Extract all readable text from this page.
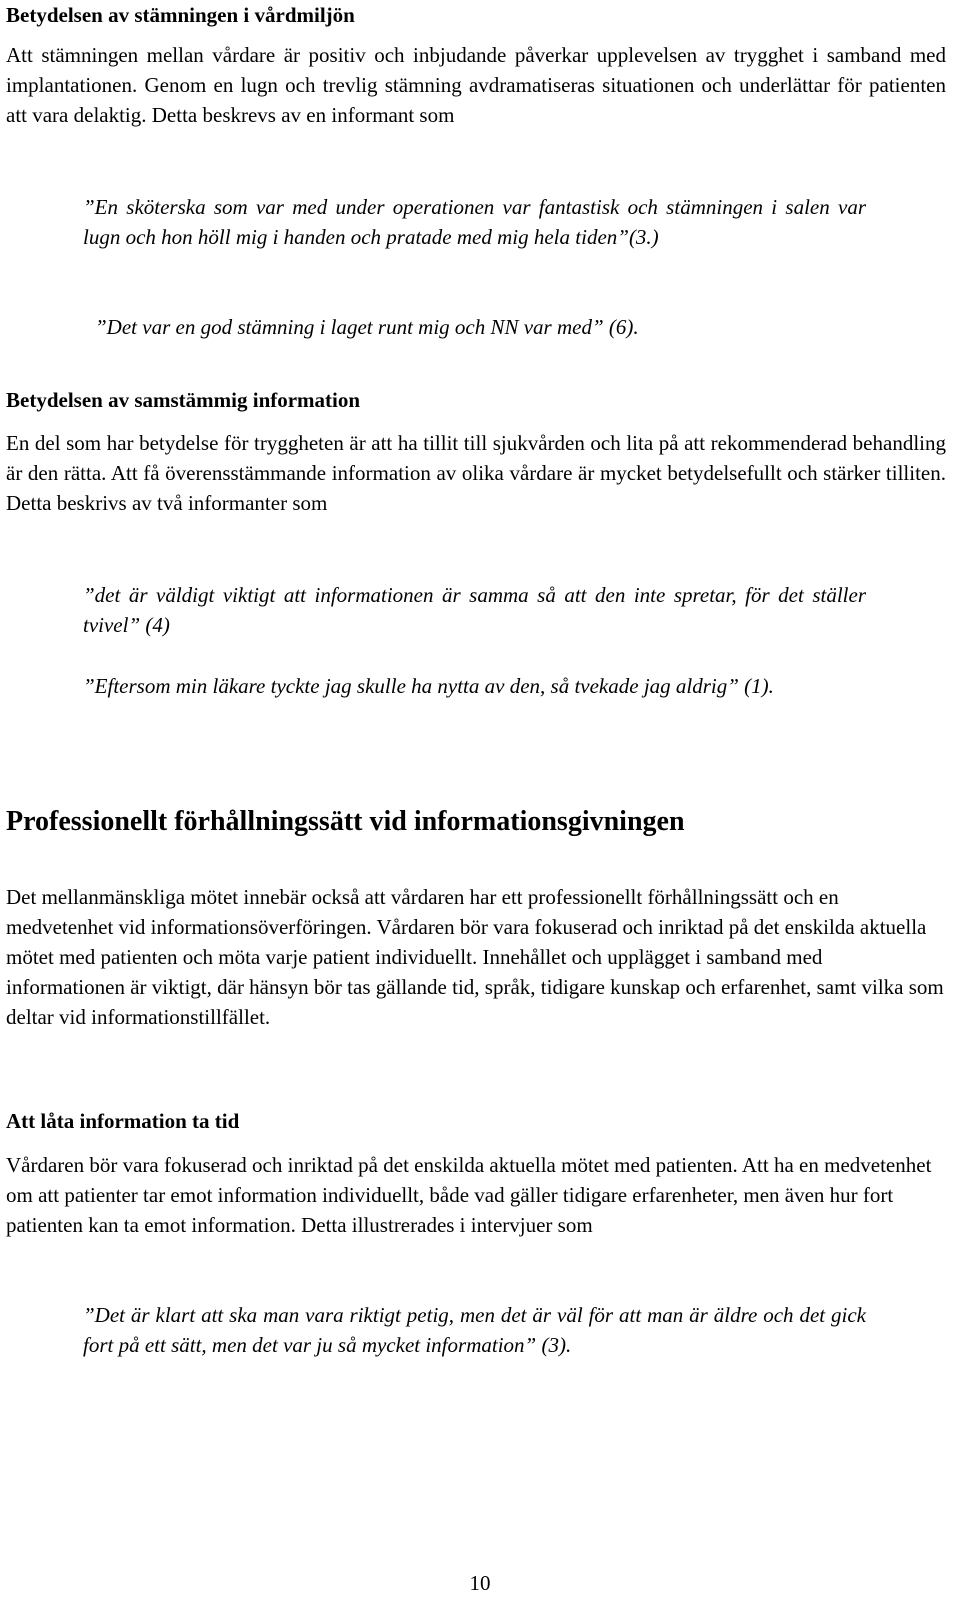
Betydelsen av stämningen i vårdmiljön

Att stämningen mellan vårdare är positiv och inbjudande påverkar upplevelsen av trygghet i samband med implantationen. Genom en lugn och trevlig stämning avdramatiseras situationen och underlättar för patienten att vara delaktig. Detta beskrevs av en informant som

”En sköterska som var med under operationen var fantastisk och stämningen i salen var lugn och hon höll mig i handen och pratade med mig hela tiden”(3.)

”Det var en god stämning i laget runt mig och NN var med” (6).

Betydelsen av samstämmig information

En del som har betydelse för tryggheten är att ha tillit till sjukvården och lita på att rekommenderad behandling är den rätta. Att få överensstämmande information av olika vårdare är mycket betydelsefullt och stärker tilliten. Detta beskrivs av två informanter som

”det är väldigt viktigt att informationen är samma så att den inte spretar, för det ställer tvivel” (4)

”Eftersom min läkare tyckte jag skulle ha nytta av den, så tvekade jag aldrig” (1).

Professionellt förhållningssätt vid informationsgivningen

Det mellanmänskliga mötet innebär också att vårdaren har ett professionellt förhållningssätt och en medvetenhet vid informationsöverföringen. Vårdaren bör vara fokuserad och inriktad på det enskilda aktuella mötet med patienten och möta varje patient individuellt. Innehållet och upplägget i samband med informationen är viktigt, där hänsyn bör tas gällande tid, språk, tidigare kunskap och erfarenhet, samt vilka som deltar vid informationstillfället.

Att låta information ta tid

Vårdaren bör vara fokuserad och inriktad på det enskilda aktuella mötet med patienten. Att ha en medvetenhet om att patienter tar emot information individuellt, både vad gäller tidigare erfarenheter, men även hur fort patienten kan ta emot information. Detta illustrerades i intervjuer som

”Det är klart att ska man vara riktigt petig, men det är väl för att man är äldre och det gick fort på ett sätt, men det var ju så mycket information” (3).

10
